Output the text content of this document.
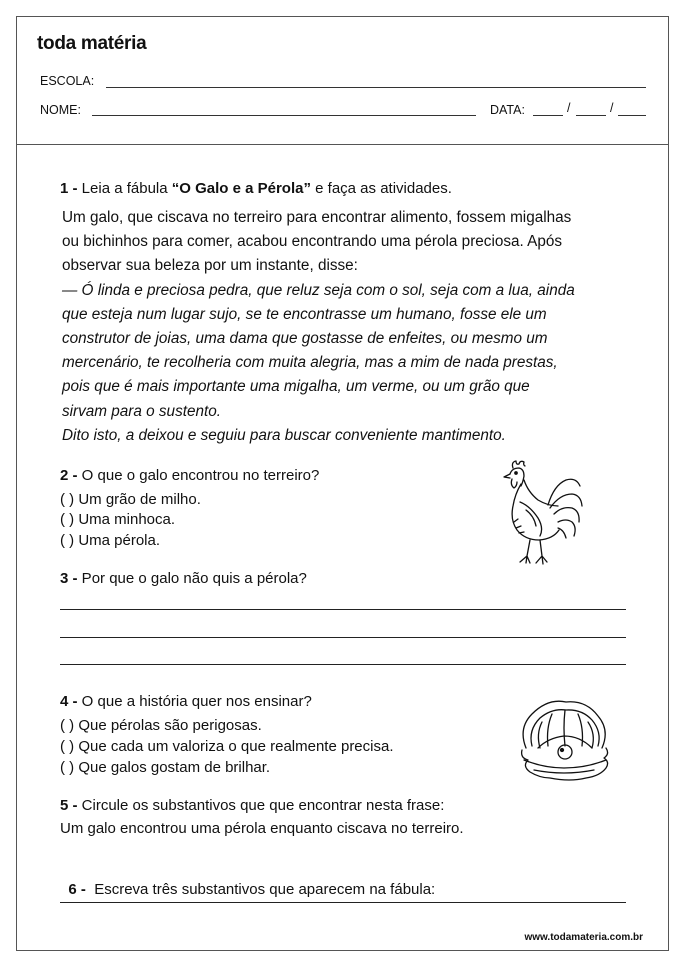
toda matéria
ESCOLA:
NOME:	DATA:	/	/
1 - Leia a fábula “O Galo e a Pérola” e faça as atividades.
Um galo, que ciscava no terreiro para encontrar alimento, fossem migalhas
ou bichinhos para comer, acabou encontrando uma pérola preciosa. Após
observar sua beleza por um instante, disse:
— Ó linda e preciosa pedra, que reluz seja com o sol, seja com a lua, ainda
que esteja num lugar sujo, se te encontrasse um humano, fosse ele um
construtor de joias, uma dama que gostasse de enfeites, ou mesmo um
mercenário, te recolheria com muita alegria, mas a mim de nada prestas,
pois que é mais importante uma migalha, um verme, ou um grão que
sirvam para o sustento.
Dito isto, a deixou e seguiu para buscar conveniente mantimento.
2 - O que o galo encontrou no terreiro?
( ) Um grão de milho.
( ) Uma minhoca.
( ) Uma pérola.
3 - Por que o galo não quis a pérola?
4 - O que a história quer nos ensinar?
( ) Que pérolas são perigosas.
( ) Que cada um valoriza o que realmente precisa.
( ) Que galos gostam de brilhar.
5 - Circule os substantivos que que encontrar nesta frase:
Um galo encontrou uma pérola enquanto ciscava no terreiro.

6 -  Escreva três substantivos que aparecem na fábula:

www.todamateria.com.br
